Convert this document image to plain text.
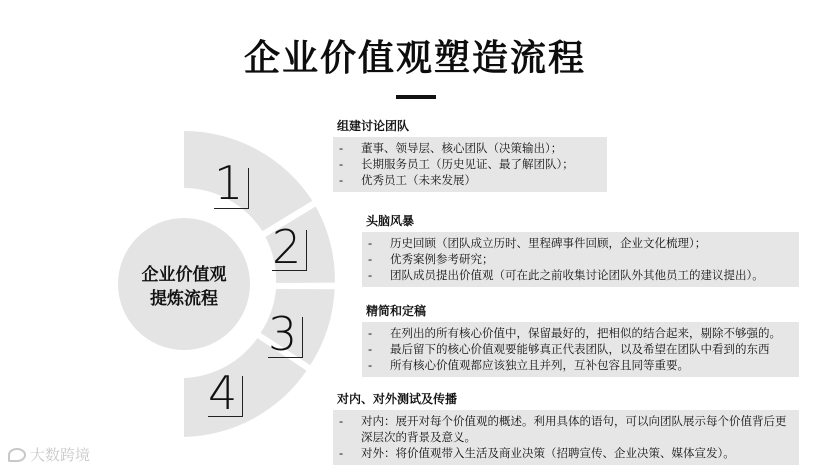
企业价值观塑造流程
企业价值观
提炼流程
1
2
3
4
组建讨论团队
-	董事、领导层、核心团队（决策输出）；
-	长期服务员工（历史见证、最了解团队）；
-	优秀员工（未来发展）
头脑风暴
-	历史回顾（团队成立历时、里程碑事件回顾，企业文化梳理）；
-	优秀案例参考研究；
-	团队成员提出价值观（可在此之前收集讨论团队外其他员工的建议提出）。
精简和定稿
-	在列出的所有核心价值中，保留最好的，把相似的结合起来，剔除不够强的。
-	最后留下的核心价值观要能够真正代表团队，以及希望在团队中看到的东西
-	所有核心价值观都应该独立且并列，互补包容且同等重要。
对内、对外测试及传播
-	对内：展开对每个价值观的概述。利用具体的语句，可以向团队展示每个价值背后更深层次的背景及意义。
-	对外：将价值观带入生活及商业决策（招聘宣传、企业决策、媒体宣发）。
大数跨境
